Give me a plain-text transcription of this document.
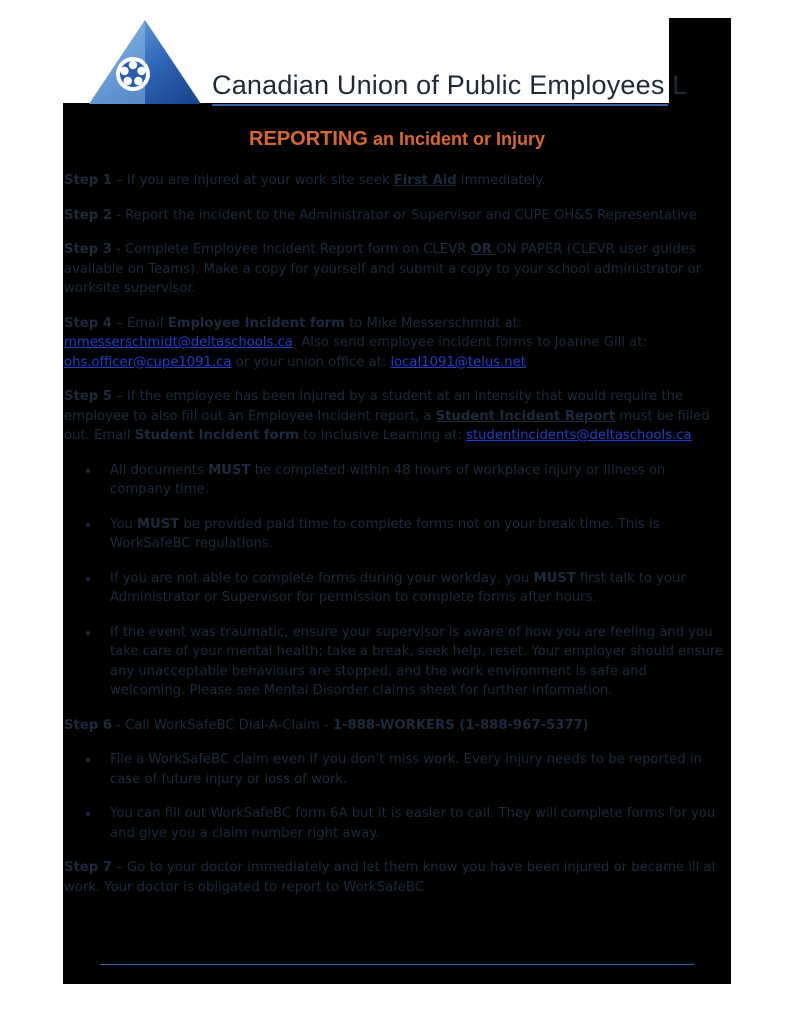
Canadian Union of Public Employees L
REPORTING an Incident or Injury

Step 1 – If you are injured at your work site seek First Aid immediately.

Step 2 - Report the incident to the Administrator or Supervisor and CUPE OH&S Representative

Step 3 - Complete Employee Incident Report form on CLEVR OR ON PAPER (CLEVR user guides available on Teams). Make a copy for yourself and submit a copy to your school administrator or worksite supervisor.

Step 4 – Email Employee Incident form to Mike Messerschmidt at: mmesserschmidt@deltaschools.ca. Also send employee incident forms to Joanne Gill at: ohs.officer@cupe1091.ca or your union office at: local1091@telus.net

Step 5 – If the employee has been injured by a student at an intensity that would require the employee to also fill out an Employee Incident report, a Student Incident Report must be filled out. Email Student Incident form to Inclusive Learning at: studentincidents@deltaschools.ca

All documents MUST be completed within 48 hours of workplace injury or illness on company time.
You MUST be provided paid time to complete forms not on your break time. This is WorkSafeBC regulations.
If you are not able to complete forms during your workday, you MUST first talk to your Administrator or Supervisor for permission to complete forms after hours.
If the event was traumatic, ensure your supervisor is aware of how you are feeling and you take care of your mental health; take a break, seek help, reset. Your employer should ensure any unacceptable behaviours are stopped, and the work environment is safe and welcoming. Please see Mental Disorder claims sheet for further information.

Step 6 - Call WorkSafeBC Dial-A-Claim - 1-888-WORKERS (1-888-967-5377)

File a WorkSafeBC claim even if you don’t miss work. Every injury needs to be reported in case of future injury or loss of work.
You can fill out WorkSafeBC form 6A but it is easier to call. They will complete forms for you and give you a claim number right away.

Step 7 – Go to your doctor immediately and let them know you have been injured or became ill at work. Your doctor is obligated to report to WorkSafeBC
